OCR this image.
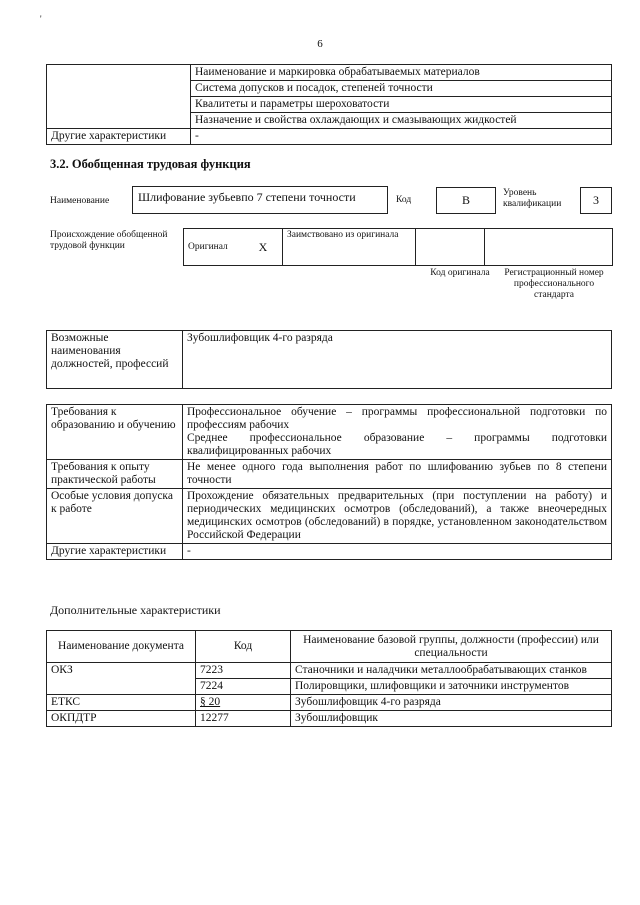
'
6
	Наименование и маркировка обрабатываемых материалов
	Система допусков и посадок, степеней точности
	Квалитеты и параметры шероховатости
	Назначение и свойства охлаждающих и смазывающих жидкостей
Другие характеристики	-
3.2. Обобщенная трудовая функция
Наименование	Шлифование зубьевпо 7 степени точности	Код	В	Уровень квалификации	3
Происхождение обобщенной трудовой функции	Оригинал	Х	Заимствовано из оригинала		
Код оригинала	Регистрационный номер профессионального стандарта
Возможные наименования должностей, профессий	Зубошлифовщик 4-го разряда
Требования к образованию и обучению	Профессиональное обучение – программы профессиональной подготовки по профессиям рабочих
Среднее профессиональное образование – программы подготовки квалифицированных рабочих

Требования к опыту практической работы	Не менее одного года выполнения работ по шлифованию зубьев по 8 степени точности
Особые условия допуска к работе	Прохождение обязательных предварительных (при поступлении на работу) и периодических медицинских осмотров (обследований), а также внеочередных медицинских осмотров (обследований) в порядке, установленном законодательством Российской Федерации
Другие характеристики	-
Дополнительные характеристики
Наименование документа	Код	Наименование базовой группы, должности (профессии) или специальности
ОКЗ	7223	Станочники и наладчики металлообрабатывающих станков
	7224	Полировщики, шлифовщики и заточники инструментов
ЕТКС	§ 20	Зубошлифовщик 4-го разряда
ОКПДТР	12277	Зубошлифовщик
